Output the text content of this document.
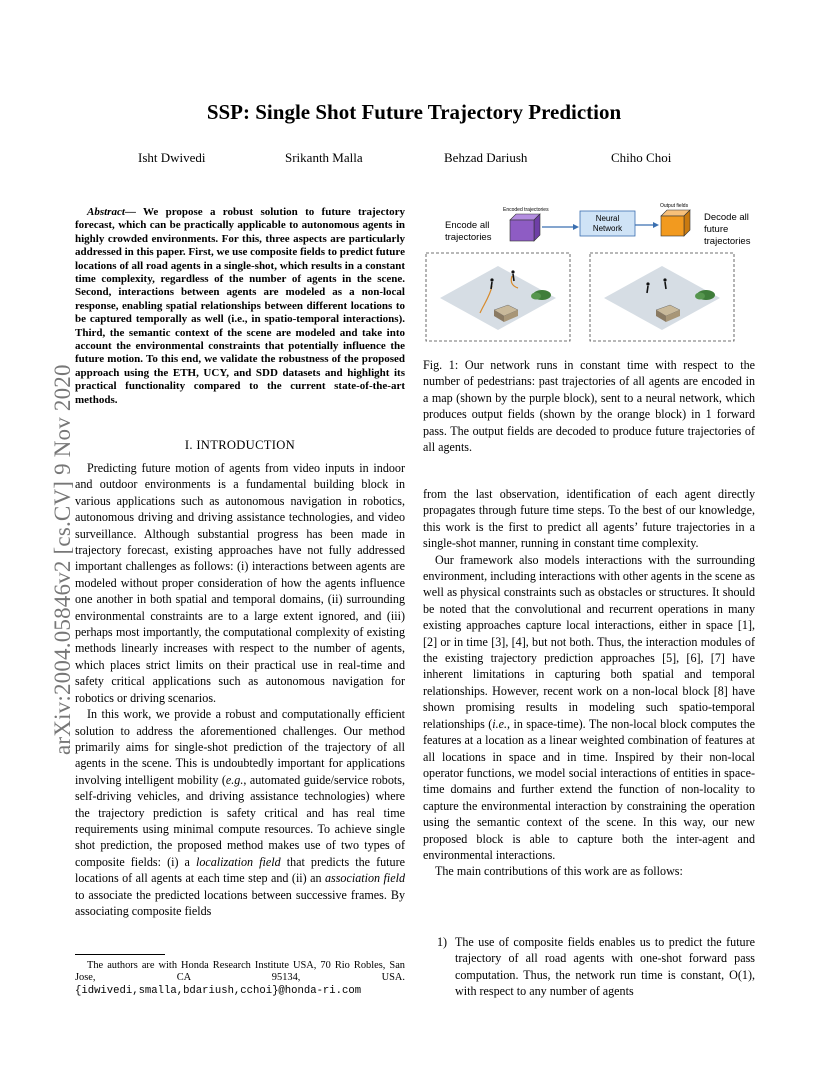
arXiv:2004.05846v2 [cs.CV] 9 Nov 2020
SSP: Single Shot Future Trajectory Prediction
Isht Dwivedi	Srikanth Malla	Behzad Dariush	Chiho Choi

Abstract— We propose a robust solution to future trajectory forecast, which can be practically applicable to autonomous agents in highly crowded environments. For this, three aspects are particularly addressed in this paper. First, we use composite fields to predict future locations of all road agents in a single-shot, which results in a constant time complexity, regardless of the number of agents in the scene. Second, interactions between agents are modeled as a non-local response, enabling spatial relationships between different locations to be captured temporally as well (i.e., in spatio-temporal interactions). Third, the semantic context of the scene are modeled and take into account the environmental constraints that potentially influence the future motion. To this end, we validate the robustness of the proposed approach using the ETH, UCY, and SDD datasets and highlight its practical functionality compared to the current state-of-the-art methods.

I. INTRODUCTION

Predicting future motion of agents from video inputs in indoor and outdoor environments is a fundamental building block in various applications such as autonomous navigation in robotics, autonomous driving and driving assistance technologies, and video surveillance. Although substantial progress has been made in trajectory forecast, existing approaches have not fully addressed important challenges as follows: (i) interactions between agents are modeled without proper consideration of how the agents influence one another in both spatial and temporal domains, (ii) surrounding environmental constraints are to a large extent ignored, and (iii) perhaps most importantly, the computational complexity of existing methods linearly increases with respect to the number of agents, which places strict limits on their practical use in real-time and safety critical applications such as autonomous navigation for robotics or driving scenarios.

In this work, we provide a robust and computationally efficient solution to address the aforementioned challenges. Our method primarily aims for single-shot prediction of the trajectory of all agents in the scene. This is undoubtedly important for applications involving intelligent mobility (e.g., automated guide/service robots, self-driving vehicles, and driving assistance technologies) where the trajectory prediction is safety critical and has real time requirements using minimal compute resources. To achieve single shot prediction, the proposed method makes use of two types of composite fields: (i) a localization field that predicts the future locations of all agents at each time step and (ii) an association field to associate the predicted locations between successive frames. By associating composite fields

The authors are with Honda Research Institute USA, 70 Rio Robles, San Jose, CA 95134, USA. {idwivedi,smalla,bdariush,cchoi}@honda-ri.com

Encoded trajectories
Output fields
Encode all
trajectories
Neural
Network
Decode all
future
trajectories
Fig. 1: Our network runs in constant time with respect to the number of pedestrians: past trajectories of all agents are encoded in a map (shown by the purple block), sent to a neural network, which produces output fields (shown by the orange block) in 1 forward pass. The output fields are decoded to produce future trajectories of all agents.

from the last observation, identification of each agent directly propagates through future time steps. To the best of our knowledge, this work is the first to predict all agents’ future trajectories in a single-shot manner, running in constant time complexity.

Our framework also models interactions with the surrounding environment, including interactions with other agents in the scene as well as physical constraints such as obstacles or structures. It should be noted that the convolutional and recurrent operations in many existing approaches capture local interactions, either in space [1], [2] or in time [3], [4], but not both. Thus, the interaction modules of the existing trajectory prediction approaches [5], [6], [7] have inherent limitations in capturing both spatial and temporal relationships. However, recent work on a non-local block [8] have shown promising results in modeling such spatio-temporal relationships (i.e., in space-time). The non-local block computes the features at a location as a linear weighted combination of features at all locations in space and in time. Inspired by their non-local operator functions, we model social interactions of entities in space-time domains and further extend the function of non-locality to capture the environmental interaction by constraining the operation using the semantic context of the scene. In this way, our new proposed block is able to capture both the inter-agent and environmental interactions.

The main contributions of this work are as follows:

1) The use of composite fields enables us to predict the future trajectory of all road agents with one-shot forward pass computation. Thus, the network run time is constant, O(1), with respect to any number of agents
